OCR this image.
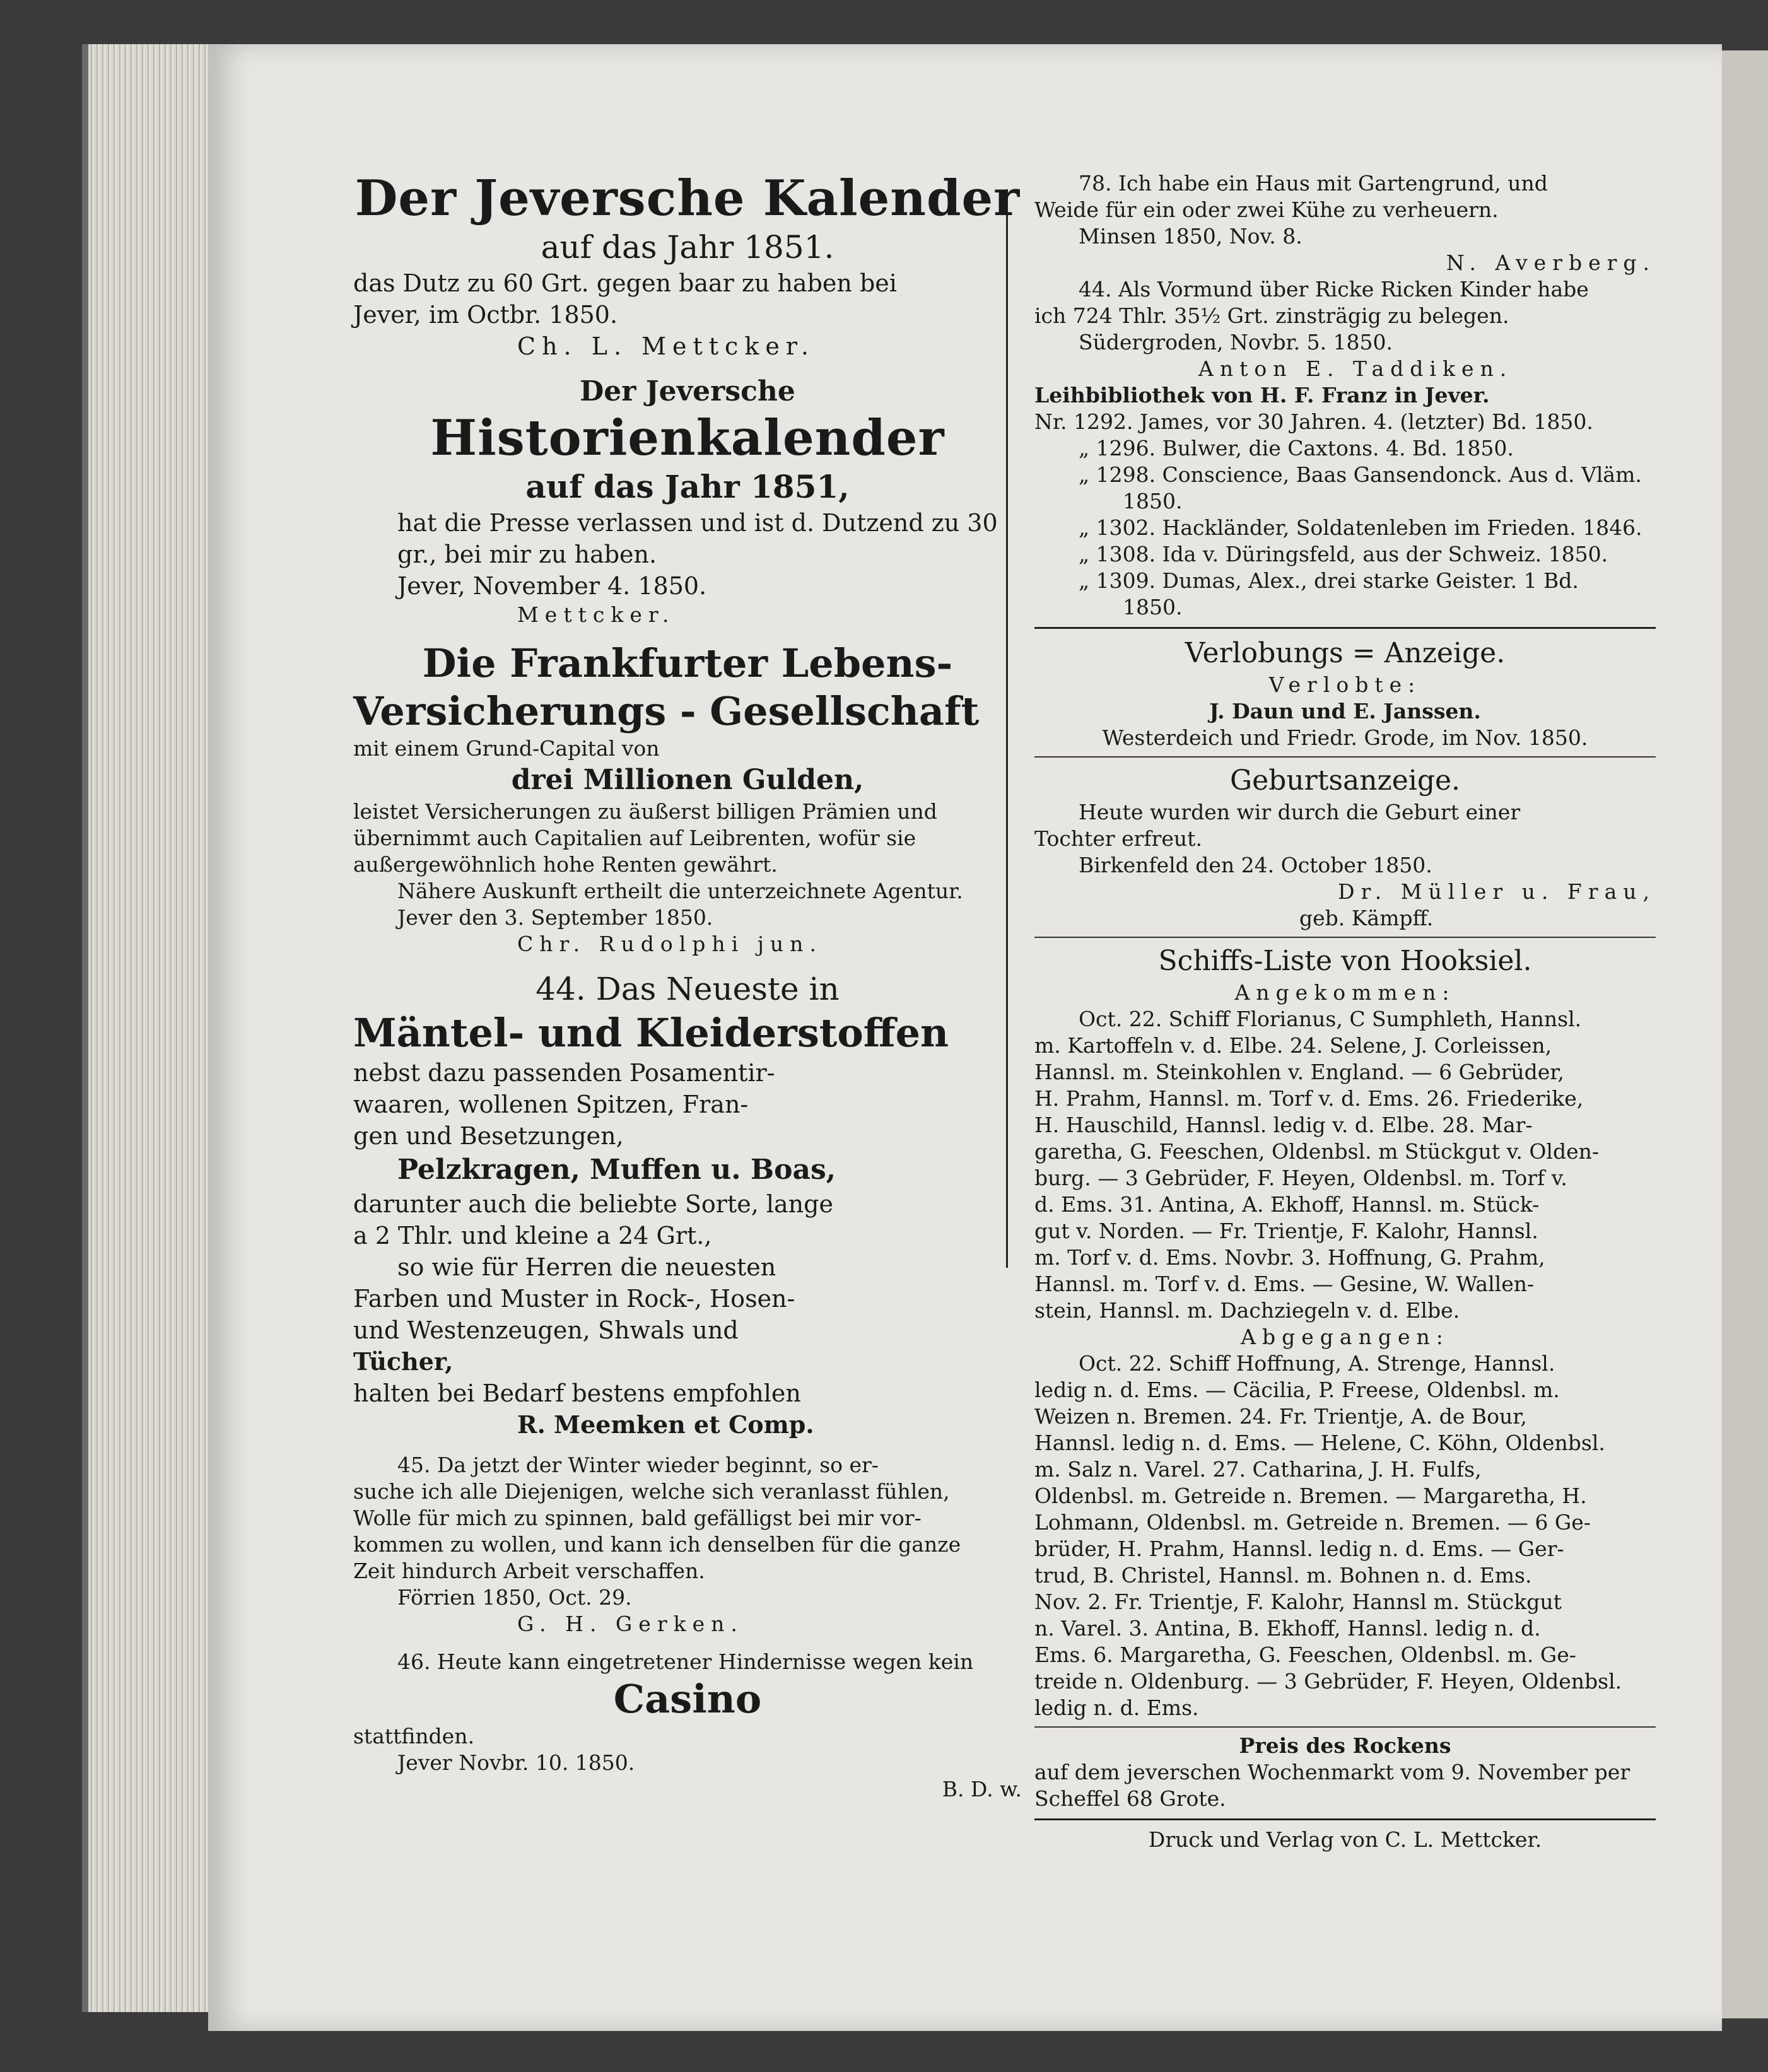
Der Jeversche Kalender
auf das Jahr 1851.
das Dutz zu 60 Grt. gegen baar zu haben bei
Jever, im Octbr. 1850.
Ch. L. Mettcker.
Der Jeversche
Historienkalender
auf das Jahr 1851,
hat die Presse verlassen und ist d. Dutzend zu 30
gr., bei mir zu haben.
Jever, November 4. 1850.
Mettcker.
Die Frankfurter Lebens-
Versicherungs - Gesellschaft
mit einem Grund-Capital von
drei Millionen Gulden,
leistet Versicherungen zu äußerst billigen Prämien und
übernimmt auch Capitalien auf Leibrenten, wofür sie
außergewöhnlich hohe Renten gewährt.
Nähere Auskunft ertheilt die unterzeichnete Agentur.
Jever den 3. September 1850.
Chr. Rudolphi jun.
44. Das Neueste in
Mäntel- und Kleiderstoffen
nebst dazu passenden Posamentir-
waaren, wollenen Spitzen, Fran-
gen und Besetzungen,
Pelzkragen, Muffen u. Boas,
darunter auch die beliebte Sorte, lange
a 2 Thlr. und kleine a 24 Grt.,
so wie für Herren die neuesten
Farben und Muster in Rock-, Hosen-
und Westenzeugen, Shwals und
Tücher,
halten bei Bedarf bestens empfohlen
R. Meemken et Comp.
45. Da jetzt der Winter wieder beginnt, so er-
suche ich alle Diejenigen, welche sich veranlasst fühlen,
Wolle für mich zu spinnen, bald gefälligst bei mir vor-
kommen zu wollen, und kann ich denselben für die ganze
Zeit hindurch Arbeit verschaffen.
Förrien 1850, Oct. 29.
G. H. Gerken.
46. Heute kann eingetretener Hindernisse wegen kein
Casino
stattfinden.
Jever Novbr. 10. 1850.
B. D. w.
78. Ich habe ein Haus mit Gartengrund, und
Weide für ein oder zwei Kühe zu verheuern.
Minsen 1850, Nov. 8.
N. Averberg.
44. Als Vormund über Ricke Ricken Kinder habe
ich 724 Thlr. 35½ Grt. zinsträgig zu belegen.
Südergroden, Novbr. 5. 1850.
Anton E. Taddiken.
Leihbibliothek von H. F. Franz in Jever.
Nr. 1292. James, vor 30 Jahren. 4. (letzter) Bd. 1850.
„ 1296. Bulwer, die Caxtons. 4. Bd. 1850.
„ 1298. Conscience, Baas Gansendonck. Aus d. Vläm.
1850.
„ 1302. Hackländer, Soldatenleben im Frieden. 1846.
„ 1308. Ida v. Düringsfeld, aus der Schweiz. 1850.
„ 1309. Dumas, Alex., drei starke Geister. 1 Bd.
1850.
Verlobungs = Anzeige.
Verlobte:
J. Daun und E. Janssen.
Westerdeich und Friedr. Grode, im Nov. 1850.
Geburtsanzeige.
Heute wurden wir durch die Geburt einer
Tochter erfreut.
Birkenfeld den 24. October 1850.
Dr. Müller u. Frau,
geb. Kämpff.
Schiffs-Liste von Hooksiel.
Angekommen:
Oct. 22. Schiff Florianus, C Sumphleth, Hannsl.
m. Kartoffeln v. d. Elbe. 24. Selene, J. Corleissen,
Hannsl. m. Steinkohlen v. England. — 6 Gebrüder,
H. Prahm, Hannsl. m. Torf v. d. Ems. 26. Friederike,
H. Hauschild, Hannsl. ledig v. d. Elbe. 28. Mar-
garetha, G. Feeschen, Oldenbsl. m Stückgut v. Olden-
burg. — 3 Gebrüder, F. Heyen, Oldenbsl. m. Torf v.
d. Ems. 31. Antina, A. Ekhoff, Hannsl. m. Stück-
gut v. Norden. — Fr. Trientje, F. Kalohr, Hannsl.
m. Torf v. d. Ems. Novbr. 3. Hoffnung, G. Prahm,
Hannsl. m. Torf v. d. Ems. — Gesine, W. Wallen-
stein, Hannsl. m. Dachziegeln v. d. Elbe.
Abgegangen:
Oct. 22. Schiff Hoffnung, A. Strenge, Hannsl.
ledig n. d. Ems. — Cäcilia, P. Freese, Oldenbsl. m.
Weizen n. Bremen. 24. Fr. Trientje, A. de Bour,
Hannsl. ledig n. d. Ems. — Helene, C. Köhn, Oldenbsl.
m. Salz n. Varel. 27. Catharina, J. H. Fulfs,
Oldenbsl. m. Getreide n. Bremen. — Margaretha, H.
Lohmann, Oldenbsl. m. Getreide n. Bremen. — 6 Ge-
brüder, H. Prahm, Hannsl. ledig n. d. Ems. — Ger-
trud, B. Christel, Hannsl. m. Bohnen n. d. Ems.
Nov. 2. Fr. Trientje, F. Kalohr, Hannsl m. Stückgut
n. Varel. 3. Antina, B. Ekhoff, Hannsl. ledig n. d.
Ems. 6. Margaretha, G. Feeschen, Oldenbsl. m. Ge-
treide n. Oldenburg. — 3 Gebrüder, F. Heyen, Oldenbsl.
ledig n. d. Ems.
Preis des Rockens
auf dem jeverschen Wochenmarkt vom 9. November per
Scheffel 68 Grote.
Druck und Verlag von C. L. Mettcker.
